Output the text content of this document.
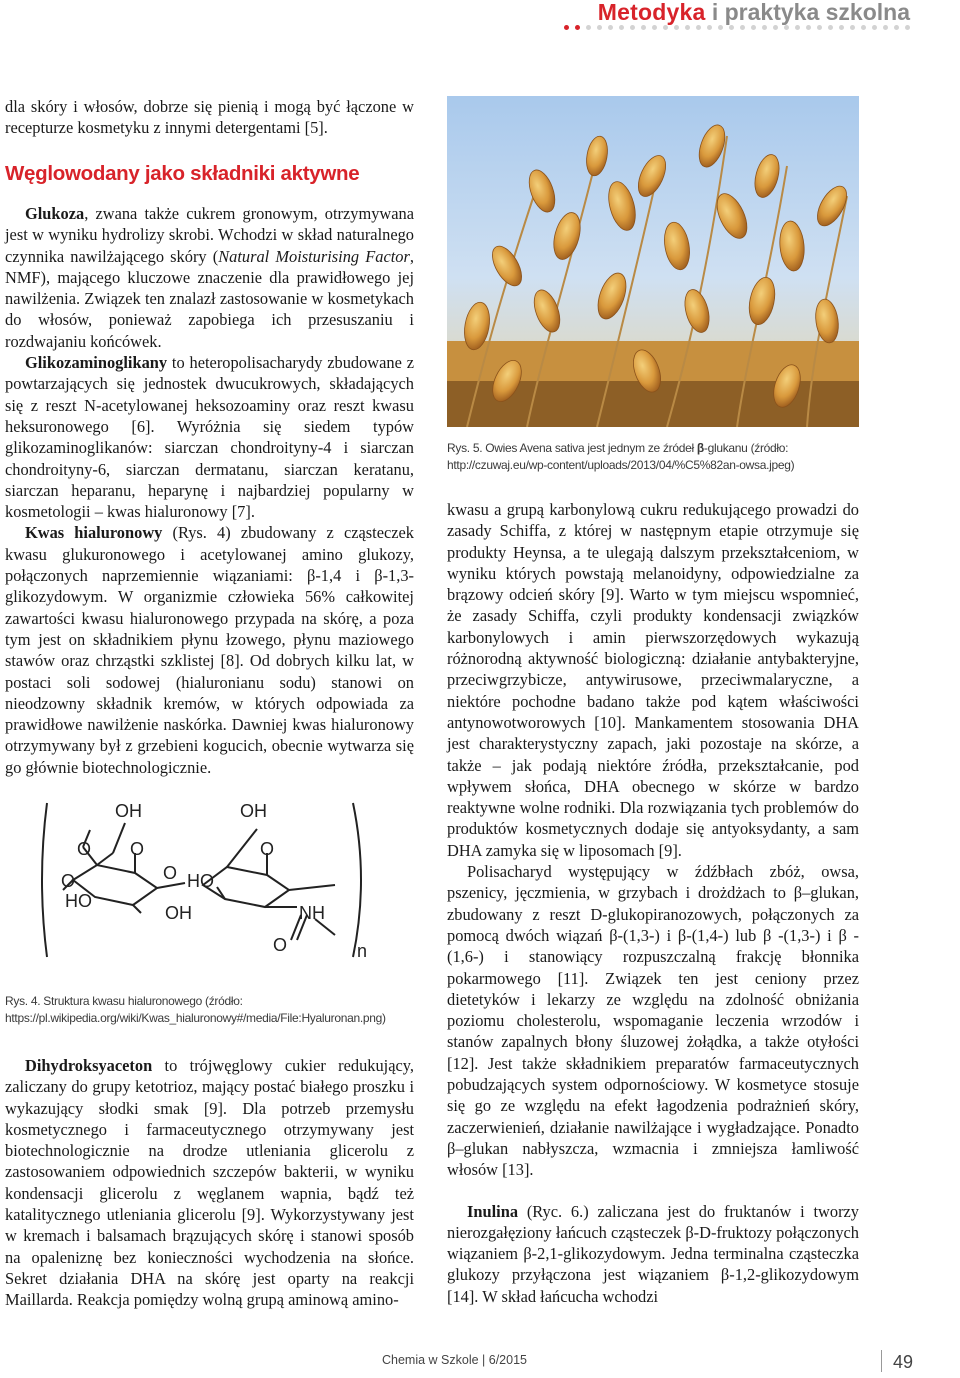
Metodyka i praktyka szkolna

dla skóry i włosów, dobrze się pienią i mogą być łączone w recepturze kosmetyku z innymi detergentami [5].

Węglowodany jako składniki aktywne

Glukoza, zwana także cukrem gronowym, otrzymywana jest w wyniku hydrolizy skrobi. Wchodzi w skład naturalnego czynnika nawilżającego skóry (Natural Moisturising Factor, NMF), mającego kluczowe znaczenie dla prawidłowego jej nawilżenia. Związek ten znalazł zastosowanie w kosmetykach do włosów, ponieważ zapobiega ich przesuszaniu i rozdwajaniu końcówek.

Glikozaminoglikany to heteropolisacharydy zbudowane z powtarzających się jednostek dwucukrowych, składających się z reszt N-acetylowanej heksozoaminy oraz reszt kwasu heksuronowego [6]. Wyróżnia się siedem typów glikozaminoglikanów: siarczan chondroityny-4 i siarczan chondroityny-6, siarczan dermatanu, siarczan keratanu, siarczan heparanu, heparynę i najbardziej popularny w kosmetologii – kwas hialuronowy [7].

Kwas hialuronowy (Rys. 4) zbudowany z cząsteczek kwasu glukuronowego i acetylowanej amino glukozy, połączonych naprzemiennie wiązaniami: β-1,4 i β-1,3-glikozydowym. W organizmie człowieka 56% całkowitej zawartości kwasu hialuronowego przypada na skórę, a poza tym jest on składnikiem płynu łzowego, płynu maziowego stawów oraz chrząstki szklistej [8]. Od dobrych kilku lat, w postaci soli sodowej (hialuronianu sodu) stanowi on nieodzowny składnik kremów, w których odpowiada za prawidłowe nawilżenie naskórka. Dawniej kwas hialuronowy otrzymywany był z grzebieni kogucich, obecnie wytwarza się go głównie biotechnologicznie.

OH	OH
O O	O
O	O HO
HO
OH	NH
O	n
Rys. 4. Struktura kwasu hialuronowego (źródło: https://pl.wikipedia.org/wiki/Kwas_hialuronowy#/media/File:Hyaluronan.png)

Dihydroksyaceton to trójwęglowy cukier redukujący, zaliczany do grupy ketotrioz, mający postać białego proszku i wykazujący słodki smak [9]. Dla potrzeb przemysłu kosmetycznego i farmaceutycznego otrzymywany jest biotechnologicznie na drodze utleniania glicerolu z zastosowaniem odpowiednich szczepów bakterii, w wyniku kondensacji glicerolu z węglanem wapnia, bądź też katalitycznego utleniania glicerolu [9]. Wykorzystywany jest w kremach i balsamach brązujących skórę i stanowi sposób na opaleniznę bez konieczności wychodzenia na słońce. Sekret działania DHA na skórę jest oparty na reakcji Maillarda. Reakcja pomiędzy wolną grupą aminową amino-

Rys. 5. Owies Avena sativa jest jednym ze źródeł β-glukanu (źródło: http://czuwaj.eu/wp-content/uploads/2013/04/%C5%82an-owsa.jpeg)

kwasu a grupą karbonylową cukru redukującego prowadzi do zasady Schiffa, z której w następnym etapie otrzymuje się produkty Heynsa, a te ulegają dalszym przekształceniom, w wyniku których powstają melanoidyny, odpowiedzialne za brązowy odcień skóry [9]. Warto w tym miejscu wspomnieć, że zasady Schiffa, czyli produkty kondensacji związków karbonylowych i amin pierwszorzędowych wykazują różnorodną aktywność biologiczną: działanie antybakteryjne, przeciwgrzybicze, antywirusowe, przeciwmalaryczne, a niektóre pochodne badano także pod kątem właściwości antynowotworowych [10]. Mankamentem stosowania DHA jest charakterystyczny zapach, jaki pozostaje na skórze, a także – jak podają niektóre źródła, przekształcanie, pod wpływem słońca, DHA obecnego w skórze w bardzo reaktywne wolne rodniki. Dla rozwiązania tych problemów do produktów kosmetycznych dodaje się antyoksydanty, a sam DHA zamyka się w liposomach [9].

Polisacharyd występujący w źdźbłach zbóż, owsa, pszenicy, jęczmienia, w grzybach i drożdżach to β–glukan, zbudowany z reszt D-glukopiranozowych, połączonych za pomocą dwóch wiązań β-(1,3-) i β-(1,4-) lub β -(1,3-) i β -(1,6-) i stanowiący rozpuszczalną frakcję błonnika pokarmowego [11]. Związek ten jest ceniony przez dietetyków i lekarzy ze względu na zdolność obniżania poziomu cholesterolu, wspomaganie leczenia wrzodów i stanów zapalnych błony śluzowej żołądka, a także otyłości [12]. Jest także składnikiem preparatów farmaceutycznych pobudzających system odpornościowy. W kosmetyce stosuje się go ze względu na efekt łagodzenia podrażnień skóry, zaczerwienień, działanie nawilżające i wygładzające. Ponadto β–glukan nabłyszcza, wzmacnia i zmniejsza łamliwość włosów [13].

Inulina (Ryc. 6.) zaliczana jest do fruktanów i tworzy nierozgałęziony łańcuch cząsteczek β-D-fruktozy połączonych wiązaniem β-2,1-glikozydowym. Jedna terminalna cząsteczka glukozy przyłączona jest wiązaniem β-1,2-glikozydowym [14]. W skład łańcucha wchodzi

Chemia w Szkole | 6/2015	49
